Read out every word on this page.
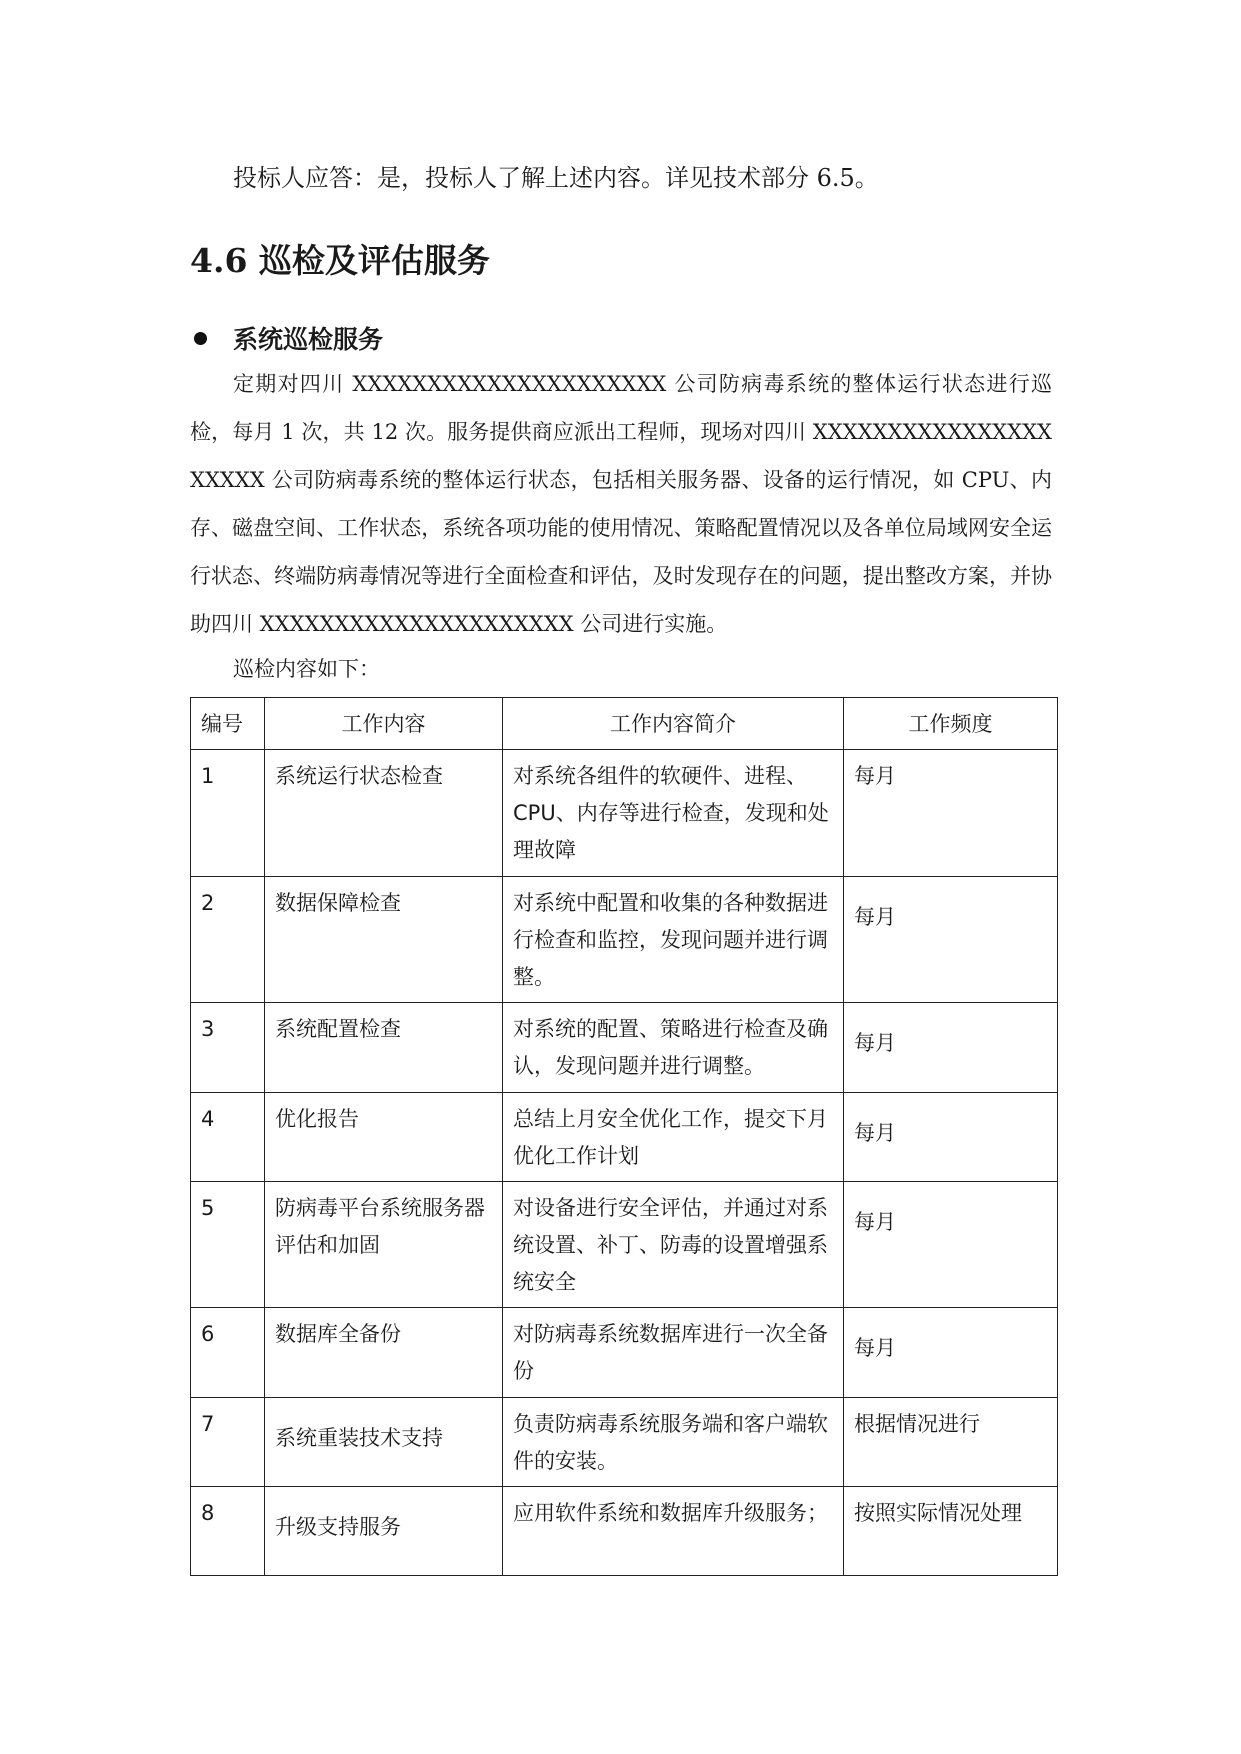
投标人应答：是，投标人了解上述内容。详见技术部分 6.5。
4.6 巡检及评估服务
系统巡检服务

定期对四川 XXXXXXXXXXXXXXXXXXXXX 公司防病毒系统的整体运行状态进行巡检，每月 1 次，共 12 次。服务提供商应派出工程师，现场对四川 XXXXXXXXXXXXXXXXXXXXX 公司防病毒系统的整体运行状态，包括相关服务器、设备的运行情况，如 CPU、内存、磁盘空间、工作状态，系统各项功能的使用情况、策略配置情况以及各单位局域网安全运行状态、终端防病毒情况等进行全面检查和评估，及时发现存在的问题，提出整改方案，并协助四川 XXXXXXXXXXXXXXXXXXXXX 公司进行实施。

巡检内容如下：
编号	工作内容	工作内容简介	工作频度
1	系统运行状态检查	对系统各组件的软硬件、进程、CPU、内存等进行检查，发现和处理故障	每月
2	数据保障检查	对系统中配置和收集的各种数据进行检查和监控，发现问题并进行调整。	每月
3	系统配置检查	对系统的配置、策略进行检查及确认，发现问题并进行调整。	每月
4	优化报告	总结上月安全优化工作，提交下月优化工作计划	每月
5	防病毒平台系统服务器评估和加固	对设备进行安全评估，并通过对系统设置、补丁、防毒的设置增强系统安全	每月
6	数据库全备份	对防病毒系统数据库进行一次全备份	每月
7	系统重装技术支持	负责防病毒系统服务端和客户端软件的安装。	根据情况进行
8	升级支持服务	应用软件系统和数据库升级服务；	按照实际情况处理
